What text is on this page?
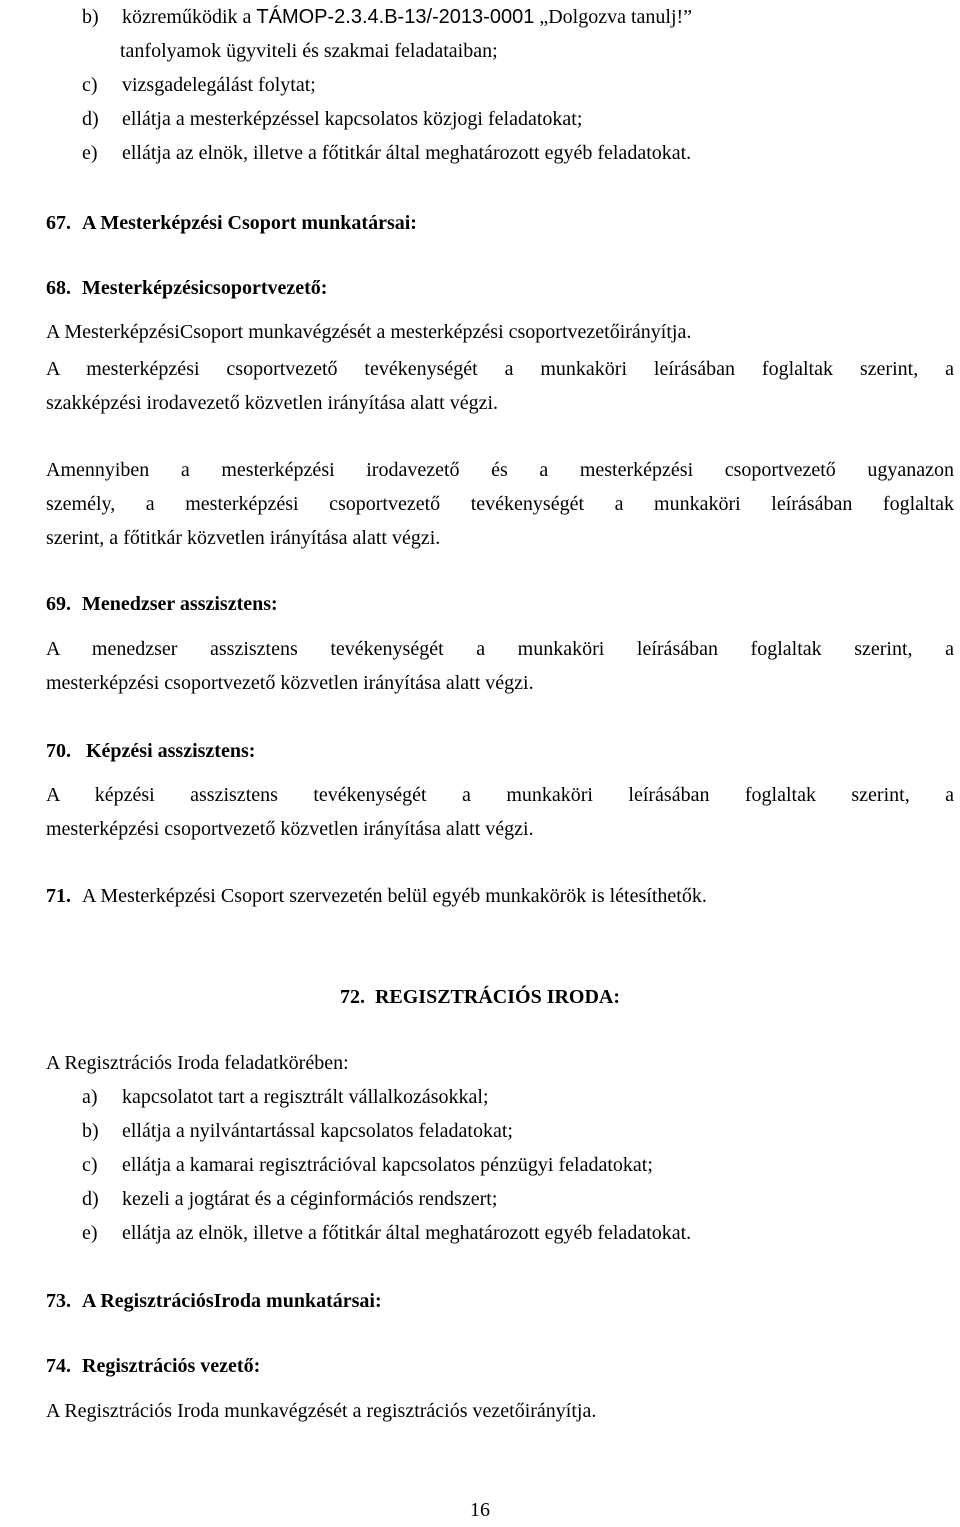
b) közreműködik a TÁMOP-2.3.4.B-13/-2013-0001 „Dolgozva tanulj!”
tanfolyamok ügyviteli és szakmai feladataiban;
c) vizsgadelegálást folytat;
d) ellátja a mesterképzéssel kapcsolatos közjogi feladatokat;
e) ellátja az elnök, illetve a főtitkár által meghatározott egyéb feladatokat.
67. A Mesterképzési Csoport munkatársai:
68. Mesterképzésicsoportvezető:
A MesterképzésiCsoport munkavégzését a mesterképzési csoportvezetőirányítja.
A mesterképzési csoportvezető tevékenységét a munkaköri leírásában foglaltak szerint, a
szakképzési irodavezető közvetlen irányítása alatt végzi.
Amennyiben a mesterképzési irodavezető és a mesterképzési csoportvezető ugyanazon
személy, a mesterképzési csoportvezető tevékenységét a munkaköri leírásában foglaltak
szerint, a főtitkár közvetlen irányítása alatt végzi.
69. Menedzser asszisztens:
A menedzser asszisztens tevékenységét a munkaköri leírásában foglaltak szerint, a
mesterképzési csoportvezető közvetlen irányítása alatt végzi.
70. Képzési asszisztens:
A képzési asszisztens tevékenységét a munkaköri leírásában foglaltak szerint, a
mesterképzési csoportvezető közvetlen irányítása alatt végzi.
71. A Mesterképzési Csoport szervezetén belül egyéb munkakörök is létesíthetők.
72. REGISZTRÁCIÓS IRODA:
A Regisztrációs Iroda feladatkörében:
a) kapcsolatot tart a regisztrált vállalkozásokkal;
b) ellátja a nyilvántartással kapcsolatos feladatokat;
c) ellátja a kamarai regisztrációval kapcsolatos pénzügyi feladatokat;
d) kezeli a jogtárat és a céginformációs rendszert;
e) ellátja az elnök, illetve a főtitkár által meghatározott egyéb feladatokat.
73. A RegisztrációsIroda munkatársai:
74. Regisztrációs vezető:
A Regisztrációs Iroda munkavégzését a regisztrációs vezetőirányítja.
16
